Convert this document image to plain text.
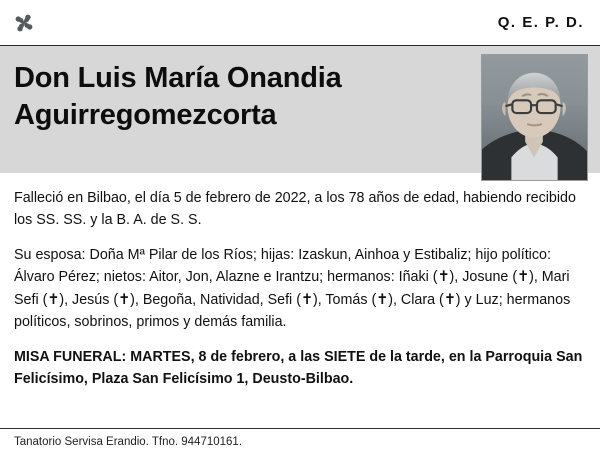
Q. E. P. D.
Don Luis María Onandia Aguirregomezcorta

Falleció en Bilbao, el día 5 de febrero de 2022, a los 78 años de edad, habiendo recibido los SS. SS. y la B. A. de S. S.

Su esposa: Doña Mª Pilar de los Ríos; hijas: Izaskun, Ainhoa y Estibaliz; hijo político: Álvaro Pérez; nietos: Aitor, Jon, Alazne e Irantzu; hermanos: Iñaki (✝), Josune (✝), Mari Sefi (✝), Jesús (✝), Begoña, Natividad, Sefi (✝), Tomás (✝), Clara (✝) y Luz; hermanos políticos, sobrinos, primos y demás familia.

MISA FUNERAL: MARTES, 8 de febrero, a las SIETE de la tarde, en la Parroquia San Felicísimo, Plaza San Felicísimo 1, Deusto-Bilbao.

Tanatorio Servisa Erandio. Tfno. 944710161.
